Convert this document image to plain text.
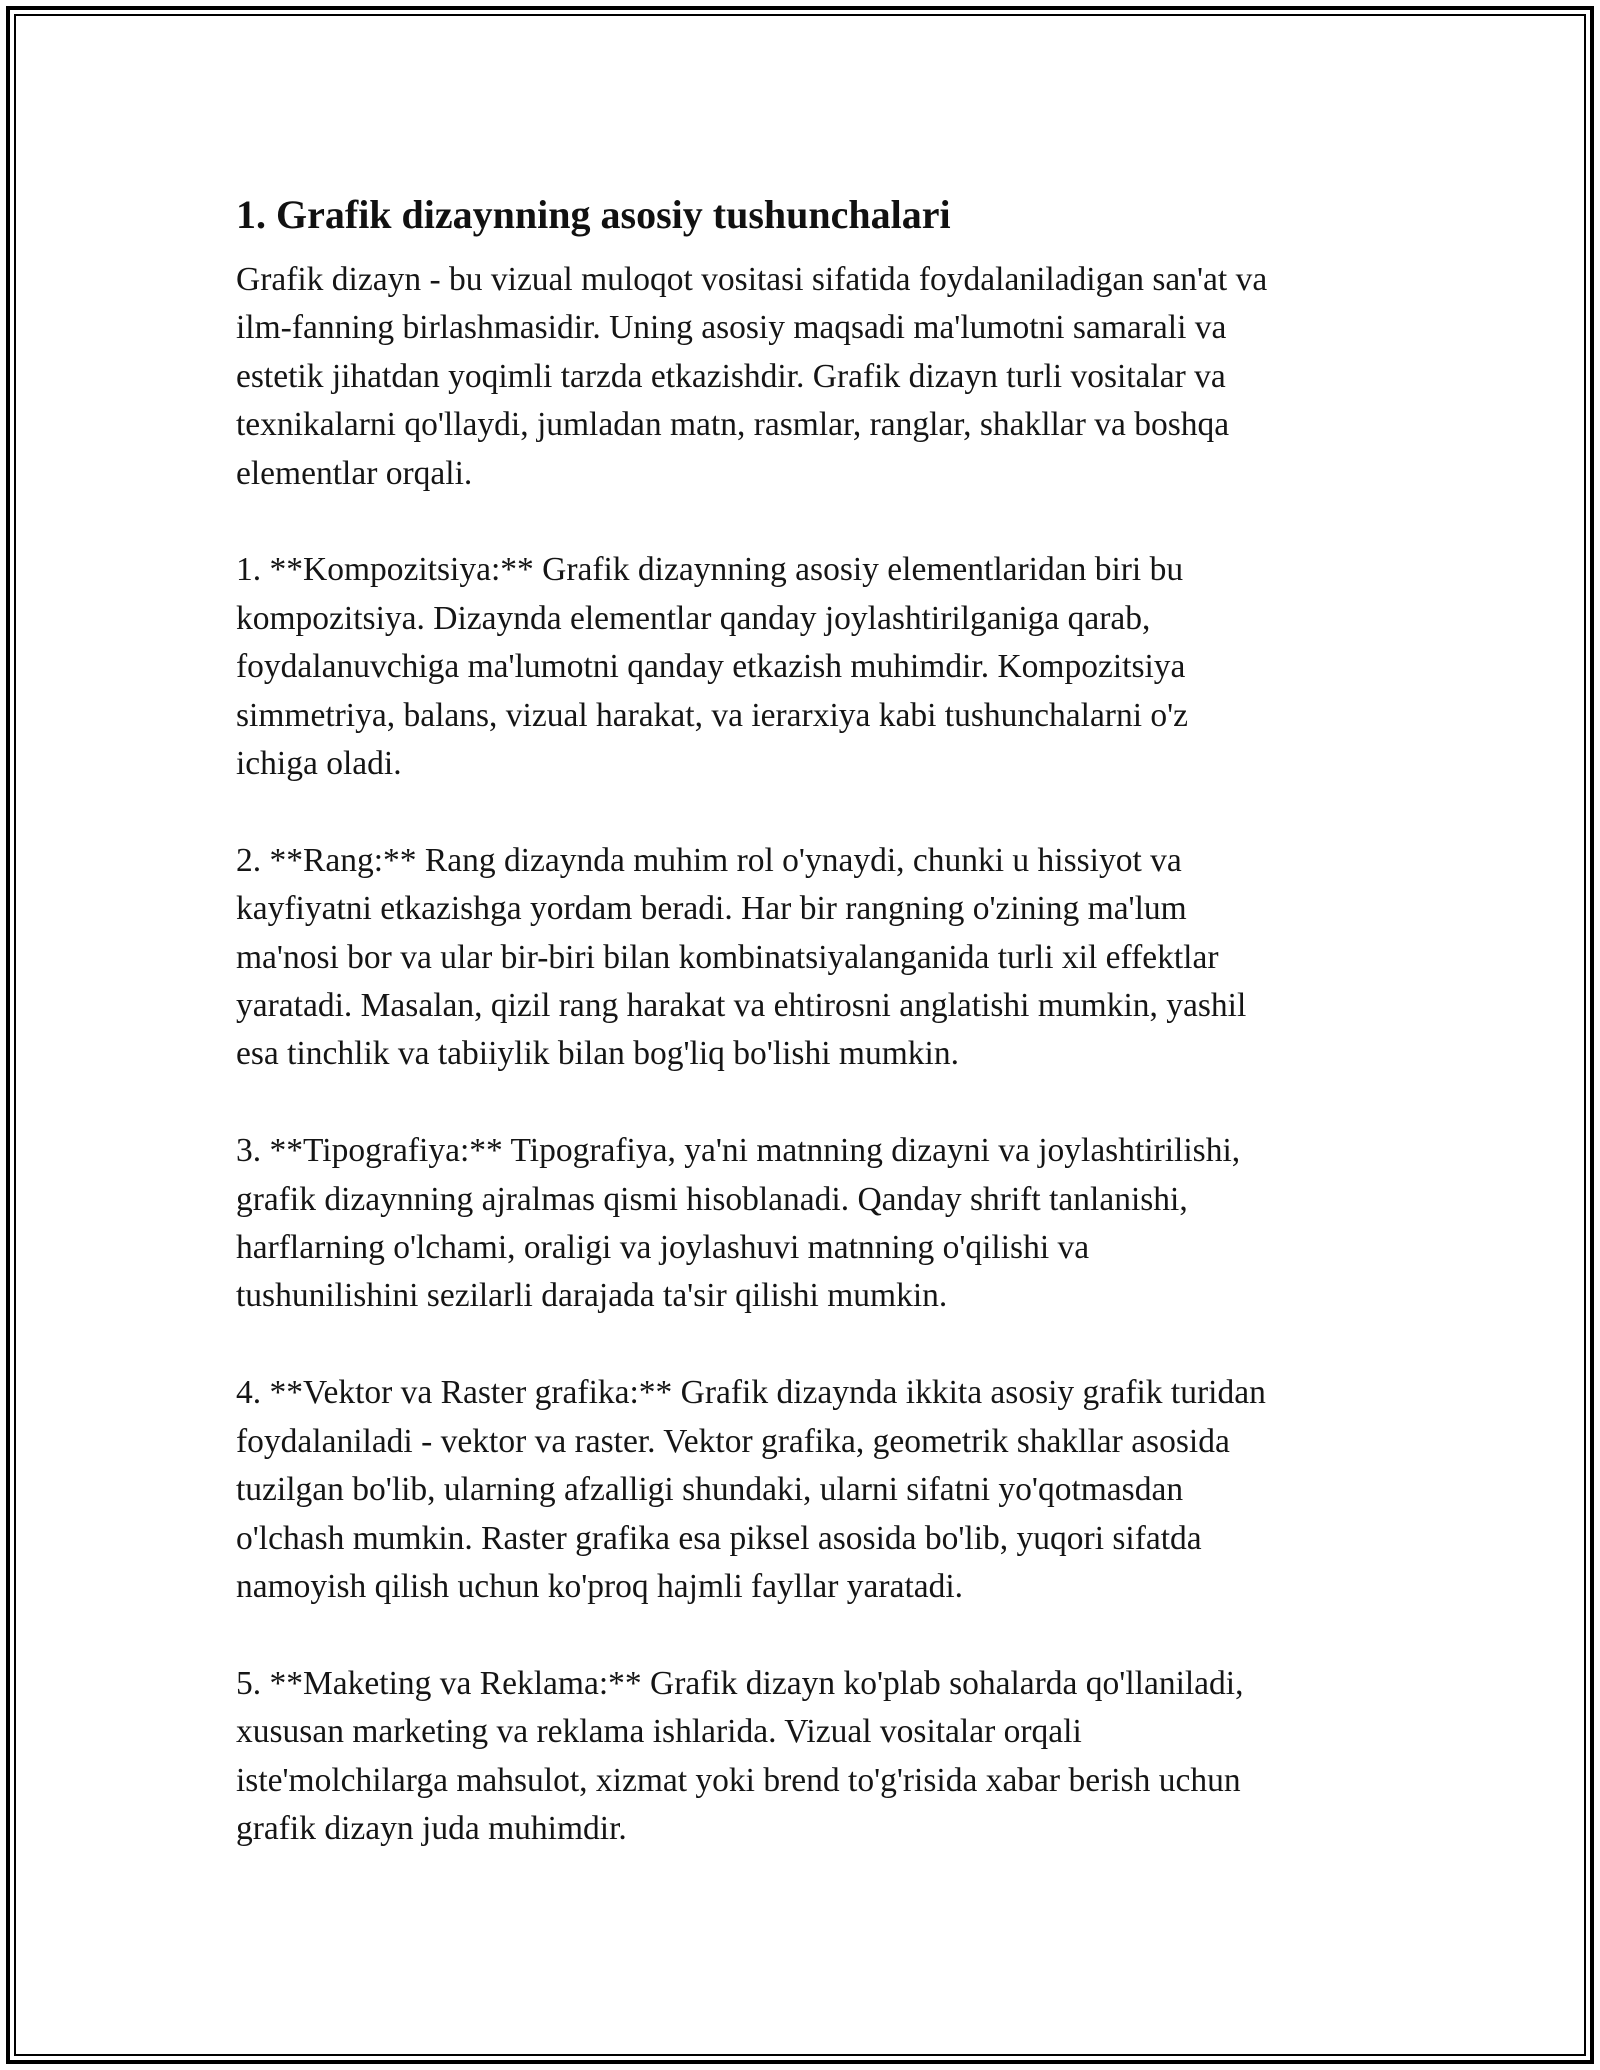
1. Grafik dizaynning asosiy tushunchalari

Grafik dizayn - bu vizual muloqot vositasi sifatida foydalaniladigan san'at va
ilm-fanning birlashmasidir. Uning asosiy maqsadi ma'lumotni samarali va
estetik jihatdan yoqimli tarzda etkazishdir. Grafik dizayn turli vositalar va
texnikalarni qo'llaydi, jumladan matn, rasmlar, ranglar, shakllar va boshqa
elementlar orqali.

1. **Kompozitsiya:** Grafik dizaynning asosiy elementlaridan biri bu
kompozitsiya. Dizaynda elementlar qanday joylashtirilganiga qarab,
foydalanuvchiga ma'lumotni qanday etkazish muhimdir. Kompozitsiya
simmetriya, balans, vizual harakat, va ierarxiya kabi tushunchalarni o'z
ichiga oladi.

2. **Rang:** Rang dizaynda muhim rol o'ynaydi, chunki u hissiyot va
kayfiyatni etkazishga yordam beradi. Har bir rangning o'zining ma'lum
ma'nosi bor va ular bir-biri bilan kombinatsiyalanganida turli xil effektlar
yaratadi. Masalan, qizil rang harakat va ehtirosni anglatishi mumkin, yashil
esa tinchlik va tabiiylik bilan bog'liq bo'lishi mumkin.

3. **Tipografiya:** Tipografiya, ya'ni matnning dizayni va joylashtirilishi,
grafik dizaynning ajralmas qismi hisoblanadi. Qanday shrift tanlanishi,
harflarning o'lchami, oraligi va joylashuvi matnning o'qilishi va
tushunilishini sezilarli darajada ta'sir qilishi mumkin.

4. **Vektor va Raster grafika:** Grafik dizaynda ikkita asosiy grafik turidan
foydalaniladi - vektor va raster. Vektor grafika, geometrik shakllar asosida
tuzilgan bo'lib, ularning afzalligi shundaki, ularni sifatni yo'qotmasdan
o'lchash mumkin. Raster grafika esa piksel asosida bo'lib, yuqori sifatda
namoyish qilish uchun ko'proq hajmli fayllar yaratadi.

5. **Maketing va Reklama:** Grafik dizayn ko'plab sohalarda qo'llaniladi,
xususan marketing va reklama ishlarida. Vizual vositalar orqali
iste'molchilarga mahsulot, xizmat yoki brend to'g'risida xabar berish uchun
grafik dizayn juda muhimdir.
